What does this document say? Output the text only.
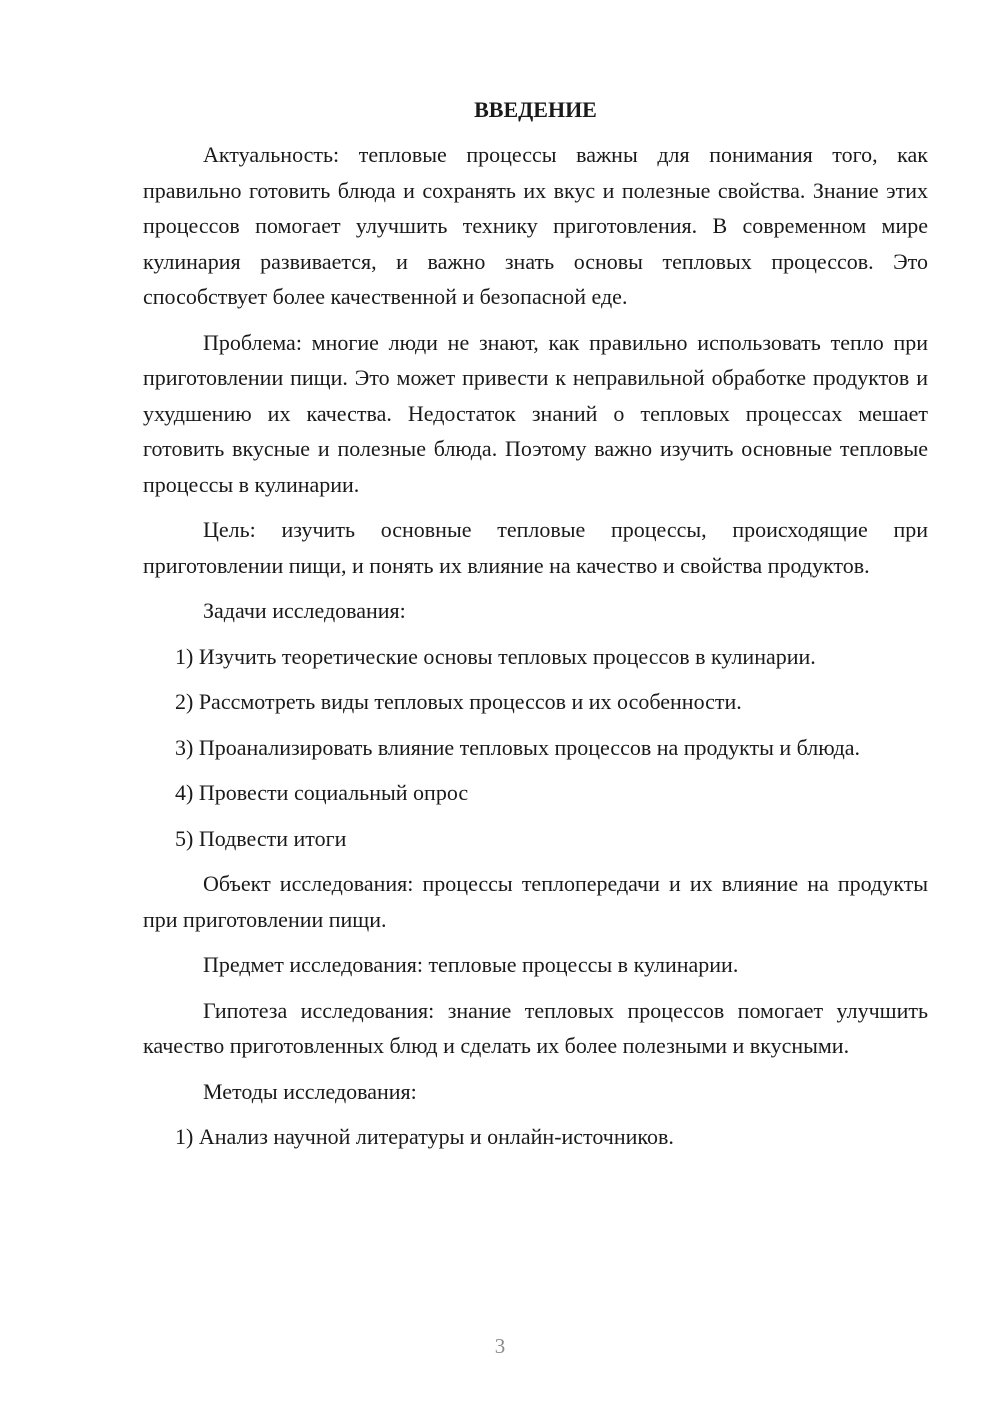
ВВЕДЕНИЕ

Актуальность: тепловые процессы важны для понимания того, как правильно готовить блюда и сохранять их вкус и полезные свойства. Знание этих процессов помогает улучшить технику приготовления. В современном мире кулинария развивается, и важно знать основы тепловых процессов. Это способствует более качественной и безопасной еде.

Проблема: многие люди не знают, как правильно использовать тепло при приготовлении пищи. Это может привести к неправильной обработке продуктов и ухудшению их качества. Недостаток знаний о тепловых процессах мешает готовить вкусные и полезные блюда. Поэтому важно изучить основные тепловые процессы в кулинарии.

Цель: изучить основные тепловые процессы, происходящие при приготовлении пищи, и понять их влияние на качество и свойства продуктов.

Задачи исследования:

1) Изучить теоретические основы тепловых процессов в кулинарии.

2) Рассмотреть виды тепловых процессов и их особенности.

3) Проанализировать влияние тепловых процессов на продукты и блюда.

4) Провести социальный опрос

5) Подвести итоги

Объект исследования: процессы теплопередачи и их влияние на продукты при приготовлении пищи.

Предмет исследования: тепловые процессы в кулинарии.

Гипотеза исследования: знание тепловых процессов помогает улучшить качество приготовленных блюд и сделать их более полезными и вкусными.

Методы исследования:

1) Анализ научной литературы и онлайн-источников.

3
